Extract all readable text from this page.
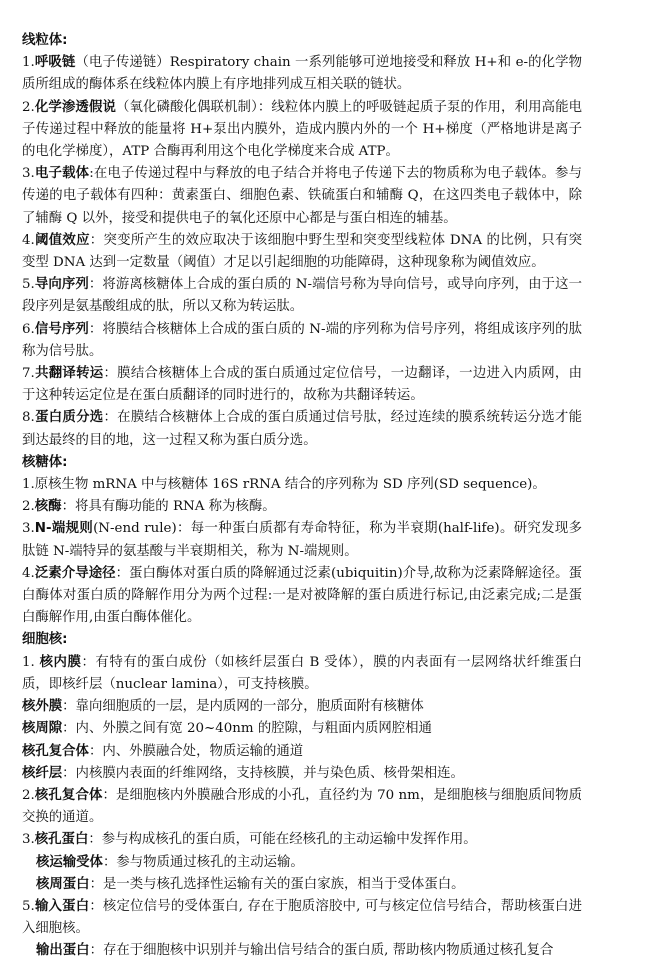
线粒体:

1.呼吸链（电子传递链）Respiratory chain 一系列能够可逆地接受和释放 H+和 e-的化学物质所组成的酶体系在线粒体内膜上有序地排列成互相关联的链状。

2.化学渗透假说（氧化磷酸化偶联机制）：线粒体内膜上的呼吸链起质子泵的作用，利用高能电子传递过程中释放的能量将 H+泵出内膜外，造成内膜内外的一个 H+梯度（严格地讲是离子的电化学梯度），ATP 合酶再利用这个电化学梯度来合成 ATP。

3.电子载体:在电子传递过程中与释放的电子结合并将电子传递下去的物质称为电子载体。参与传递的电子载体有四种：黄素蛋白、细胞色素、铁硫蛋白和辅酶 Q，在这四类电子载体中，除了辅酶 Q 以外，接受和提供电子的氧化还原中心都是与蛋白相连的辅基。

4.阈值效应：突变所产生的效应取决于该细胞中野生型和突变型线粒体 DNA 的比例，只有突变型 DNA 达到一定数量（阈值）才足以引起细胞的功能障碍，这种现象称为阈值效应。

5.导向序列：将游离核糖体上合成的蛋白质的 N-端信号称为导向信号，或导向序列，由于这一段序列是氨基酸组成的肽，所以又称为转运肽。

6.信号序列：将膜结合核糖体上合成的蛋白质的 N-端的序列称为信号序列，将组成该序列的肽称为信号肽。

7.共翻译转运：膜结合核糖体上合成的蛋白质通过定位信号，一边翻译，一边进入内质网，由于这种转运定位是在蛋白质翻译的同时进行的，故称为共翻译转运。

8.蛋白质分选：在膜结合核糖体上合成的蛋白质通过信号肽，经过连续的膜系统转运分选才能到达最终的目的地，这一过程又称为蛋白质分选。

核糖体:

1.原核生物 mRNA 中与核糖体 16S rRNA 结合的序列称为 SD 序列(SD sequence)。

2.核酶：将具有酶功能的 RNA 称为核酶。

3.N-端规则(N-end rule)：每一种蛋白质都有寿命特征，称为半衰期(half-life)。研究发现多肽链 N-端特异的氨基酸与半衰期相关，称为 N-端规则。

4.泛素介导途径：蛋白酶体对蛋白质的降解通过泛素(ubiquitin)介导,故称为泛素降解途径。蛋白酶体对蛋白质的降解作用分为两个过程:一是对被降解的蛋白质进行标记,由泛素完成;二是蛋白酶解作用,由蛋白酶体催化。

细胞核:

1. 核内膜：有特有的蛋白成份（如核纤层蛋白 B 受体），膜的内表面有一层网络状纤维蛋白质，即核纤层（nuclear lamina），可支持核膜。

核外膜：靠向细胞质的一层，是内质网的一部分，胞质面附有核糖体

核周隙：内、外膜之间有宽 20~40nm 的腔隙，与粗面内质网腔相通

核孔复合体：内、外膜融合处，物质运输的通道

核纤层：内核膜内表面的纤维网络，支持核膜，并与染色质、核骨架相连。

2.核孔复合体：是细胞核内外膜融合形成的小孔，直径约为 70 nm，是细胞核与细胞质间物质交换的通道。

3.核孔蛋白：参与构成核孔的蛋白质，可能在经核孔的主动运输中发挥作用。

核运输受体：参与物质通过核孔的主动运输。

核周蛋白：是一类与核孔选择性运输有关的蛋白家族，相当于受体蛋白。

5.输入蛋白：核定位信号的受体蛋白, 存在于胞质溶胶中, 可与核定位信号结合，帮助核蛋白进入细胞核。

输出蛋白：存在于细胞核中识别并与输出信号结合的蛋白质, 帮助核内物质通过核孔复合
